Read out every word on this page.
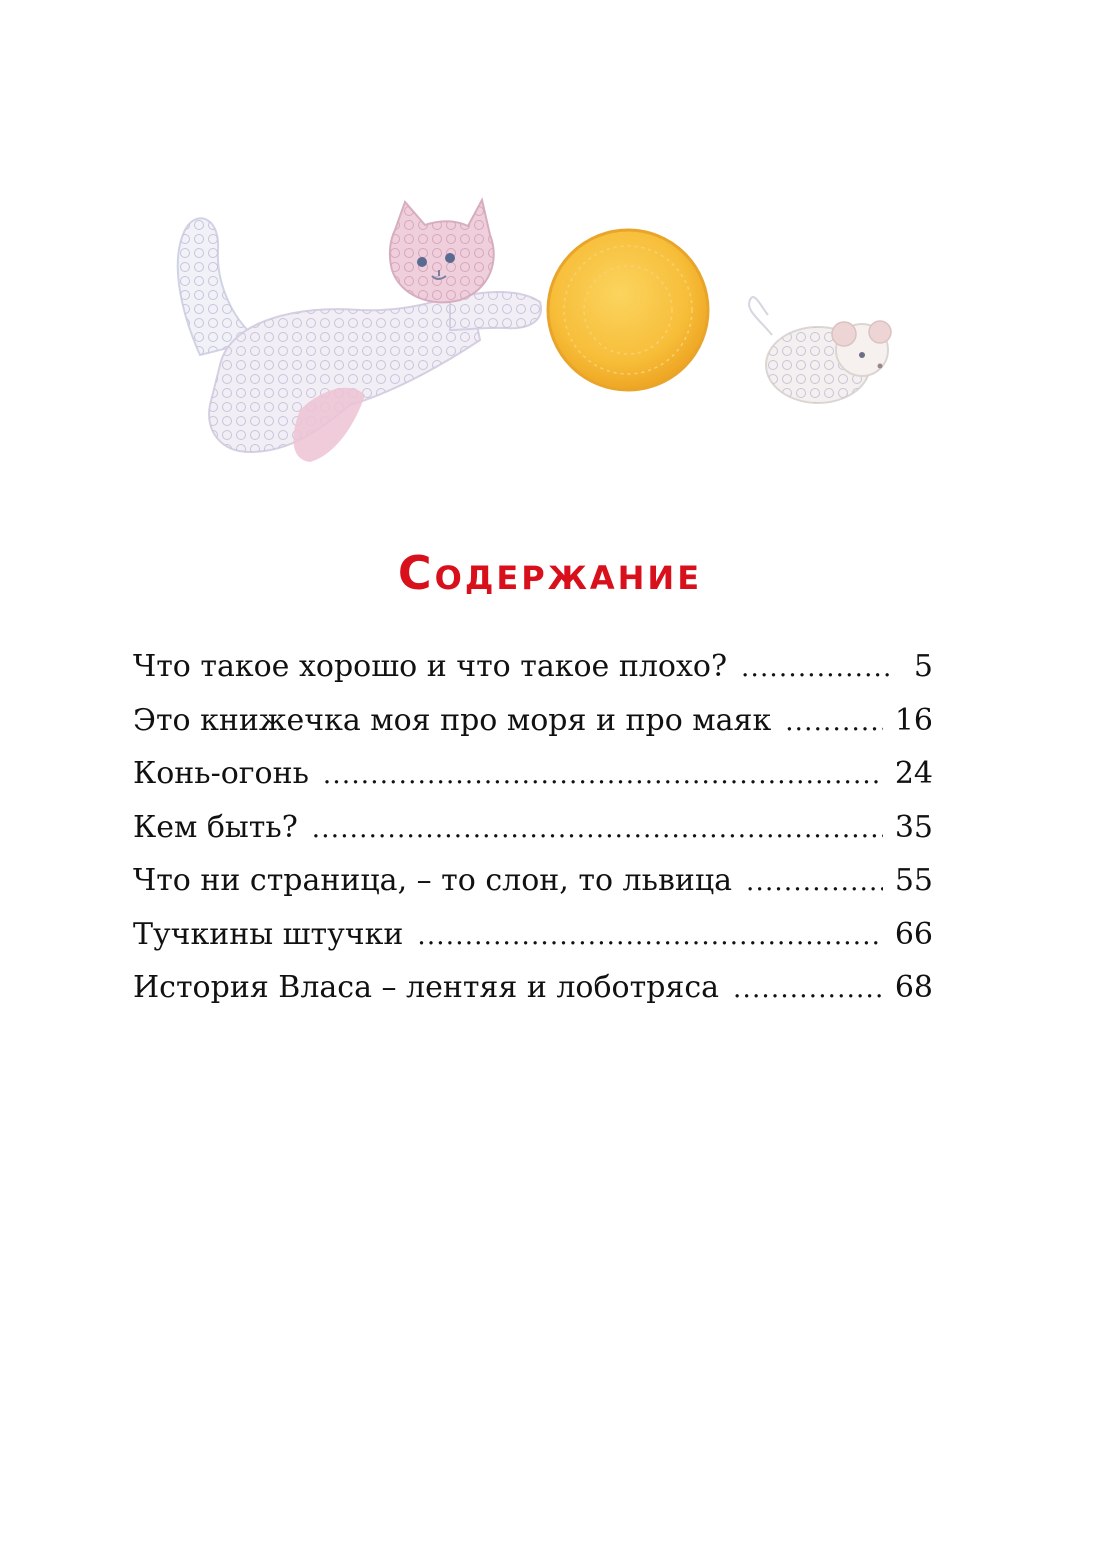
Содержание
Что такое хорошо и что такое плохо? .....	5
Это книжечка моя про моря и про маяк .....	16
Конь-огонь .....	24
Кем быть? .....	35
Что ни страница, – то слон, то львица .....	55
Тучкины штучки .....	66
История Власа – лентяя и лоботряса .....	68
